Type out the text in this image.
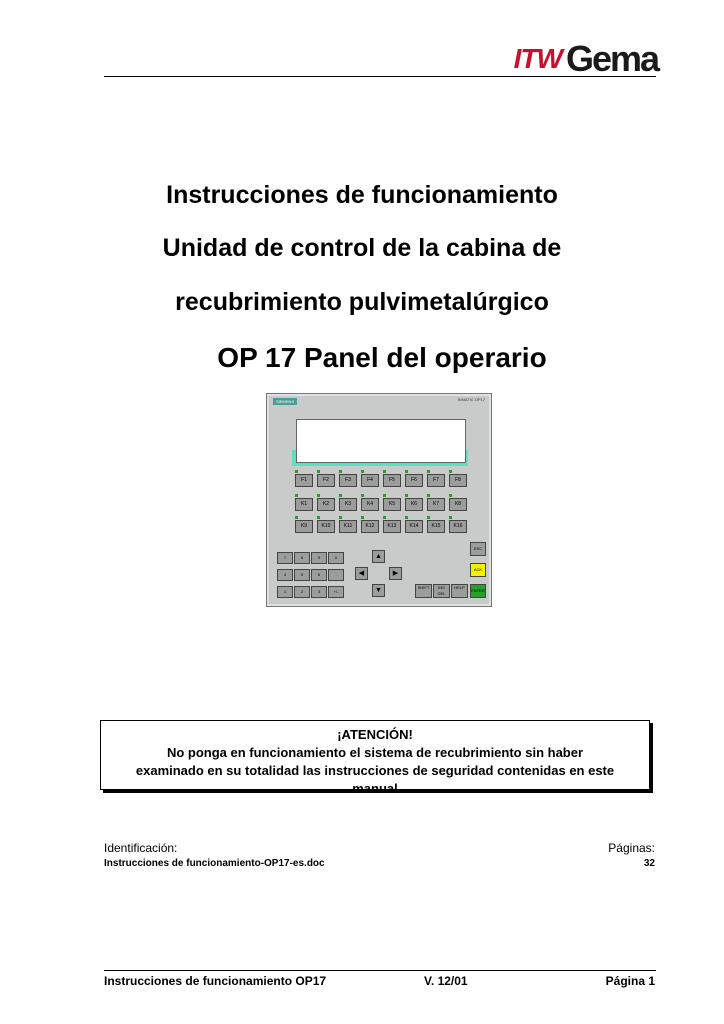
ITW Gema
Instrucciones de funcionamiento
Unidad de control de la cabina de
recubrimiento pulvimetalúrgico
OP 17 Panel del operario
SIEMENS	SIMATIC OP17
F1	F2	F3	F4	F5	F6	F7	F8
K1	K2	K3	K4	K5	K6	K7	K8
K9	K10	K11	K12	K13	K14	K15	K16
7	8	9	0
4	5	6	.
1	2	3	+/-
▲
◀	▶
▼	SHIFT	INS DEL
HELP
ESC
ACK
ENTER
¡ATENCIÓN!
No ponga en funcionamiento el sistema de recubrimiento sin haber
examinado en su totalidad las instrucciones de seguridad contenidas en este
manual
Identificación:
Instrucciones de funcionamiento-OP17-es.doc
Páginas:
32
Instrucciones de funcionamiento OP17	V. 12/01	Página 1
